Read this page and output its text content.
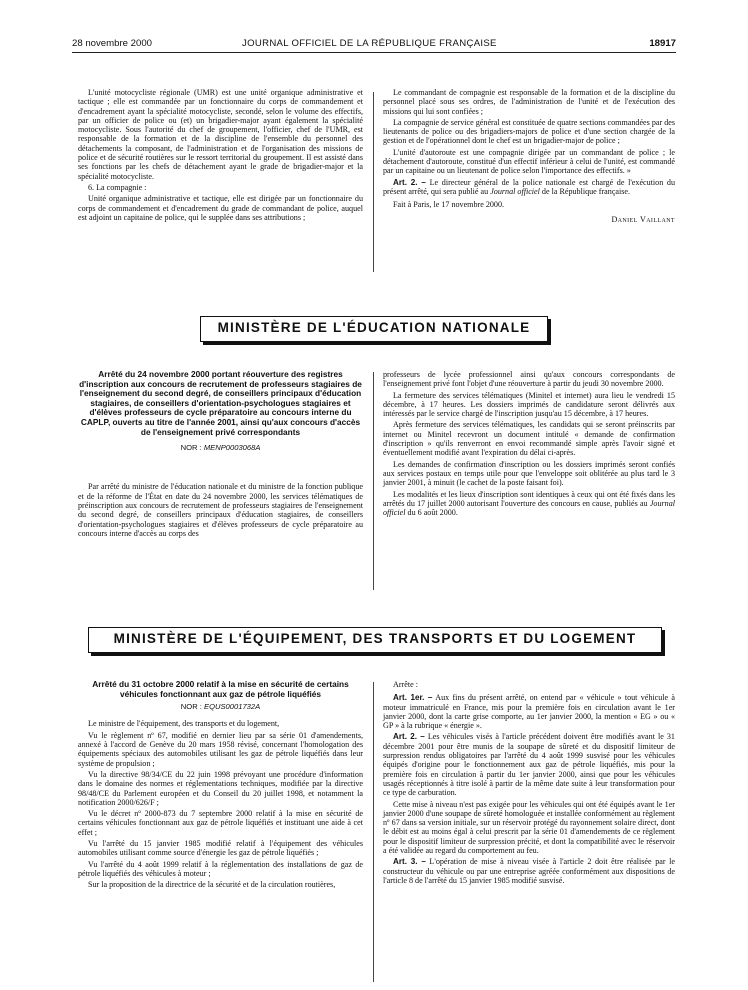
28 novembre 2000	JOURNAL OFFICIEL DE LA RÉPUBLIQUE FRANÇAISE	18917

L'unité motocycliste régionale (UMR) est une unité organique administrative et tactique ; elle est commandée par un fonctionnaire du corps de commandement et d'encadrement ayant la spécialité motocycliste, secondé, selon le volume des effectifs, par un officier de police ou (et) un brigadier-major ayant également la spécialité motocycliste. Sous l'autorité du chef de groupement, l'officier, chef de l'UMR, est responsable de la formation et de la discipline de l'ensemble du personnel des détachements la composant, de l'administration et de l'organisation des missions de police et de sécurité routières sur le ressort territorial du groupement. Il est assisté dans ses fonctions par les chefs de détachement ayant le grade de brigadier-major et la spécialité motocycliste.

6. La compagnie :

Unité organique administrative et tactique, elle est dirigée par un fonctionnaire du corps de commandement et d'encadrement du grade de commandant de police, auquel est adjoint un capitaine de police, qui le supplée dans ses attributions ;

Le commandant de compagnie est responsable de la formation et de la discipline du personnel placé sous ses ordres, de l'administration de l'unité et de l'exécution des missions qui lui sont confiées ;

La compagnie de service général est constituée de quatre sections commandées par des lieutenants de police ou des brigadiers-majors de police et d'une section chargée de la gestion et de l'opérationnel dont le chef est un brigadier-major de police ;

L'unité d'autoroute est une compagnie dirigée par un commandant de police ; le détachement d'autoroute, constitué d'un effectif inférieur à celui de l'unité, est commandé par un capitaine ou un lieutenant de police selon l'importance des effectifs. »

Art. 2. – Le directeur général de la police nationale est chargé de l'exécution du présent arrêté, qui sera publié au Journal officiel de la République française.

Fait à Paris, le 17 novembre 2000.

Daniel Vaillant

MINISTÈRE DE L'ÉDUCATION NATIONALE
Arrêté du 24 novembre 2000 portant réouverture des registres d'inscription aux concours de recrutement de professeurs stagiaires de l'enseignement du second degré, de conseillers principaux d'éducation stagiaires, de conseillers d'orientation-psychologues stagiaires et d'élèves professeurs de cycle préparatoire au concours interne du CAPLP, ouverts au titre de l'année 2001, ainsi qu'aux concours d'accès de l'enseignement privé correspondants
NOR : MENP0003068A

Par arrêté du ministre de l'éducation nationale et du ministre de la fonction publique et de la réforme de l'État en date du 24 novembre 2000, les services télématiques de préinscription aux concours de recrutement de professeurs stagiaires de l'enseignement du second degré, de conseillers principaux d'éducation stagiaires, de conseillers d'orientation-psychologues stagiaires et d'élèves professeurs de cycle préparatoire au concours interne d'accès au corps des

professeurs de lycée professionnel ainsi qu'aux concours correspondants de l'enseignement privé font l'objet d'une réouverture à partir du jeudi 30 novembre 2000.

La fermeture des services télématiques (Minitel et internet) aura lieu le vendredi 15 décembre, à 17 heures. Les dossiers imprimés de candidature seront délivrés aux intéressés par le service chargé de l'inscription jusqu'au 15 décembre, à 17 heures.

Après fermeture des services télématiques, les candidats qui se seront préinscrits par internet ou Minitel recevront un document intitulé « demande de confirmation d'inscription » qu'ils renverront en envoi recommandé simple après l'avoir signé et éventuellement modifié avant l'expiration du délai ci-après.

Les demandes de confirmation d'inscription ou les dossiers imprimés seront confiés aux services postaux en temps utile pour que l'enveloppe soit oblitérée au plus tard le 3 janvier 2001, à minuit (le cachet de la poste faisant foi).

Les modalités et les lieux d'inscription sont identiques à ceux qui ont été fixés dans les arrêtés du 17 juillet 2000 autorisant l'ouverture des concours en cause, publiés au Journal officiel du 6 août 2000.

MINISTÈRE DE L'ÉQUIPEMENT, DES TRANSPORTS ET DU LOGEMENT
Arrêté du 31 octobre 2000 relatif à la mise en sécurité de certains véhicules fonctionnant aux gaz de pétrole liquéfiés
NOR : EQUS0001732A

Le ministre de l'équipement, des transports et du logement,

Vu le règlement nº 67, modifié en dernier lieu par sa série 01 d'amendements, annexé à l'accord de Genève du 20 mars 1958 révisé, concernant l'homologation des équipements spéciaux des automobiles utilisant les gaz de pétrole liquéfiés dans leur système de propulsion ;

Vu la directive 98/34/CE du 22 juin 1998 prévoyant une procédure d'information dans le domaine des normes et réglementations techniques, modifiée par la directive 98/48/CE du Parlement européen et du Conseil du 20 juillet 1998, et notamment la notification 2000/626/F ;

Vu le décret nº 2000-873 du 7 septembre 2000 relatif à la mise en sécurité de certains véhicules fonctionnant aux gaz de pétrole liquéfiés et instituant une aide à cet effet ;

Vu l'arrêté du 15 janvier 1985 modifié relatif à l'équipement des véhicules automobiles utilisant comme source d'énergie les gaz de pétrole liquéfiés ;

Vu l'arrêté du 4 août 1999 relatif à la réglementation des installations de gaz de pétrole liquéfiés des véhicules à moteur ;

Sur la proposition de la directrice de la sécurité et de la circulation routières,

Arrête :

Art. 1er. – Aux fins du présent arrêté, on entend par « véhicule » tout véhicule à moteur immatriculé en France, mis pour la première fois en circulation avant le 1er janvier 2000, dont la carte grise comporte, au 1er janvier 2000, la mention « EG » ou « GP » à la rubrique « énergie ».

Art. 2. – Les véhicules visés à l'article précédent doivent être modifiés avant le 31 décembre 2001 pour être munis de la soupape de sûreté et du dispositif limiteur de surpression rendus obligatoires par l'arrêté du 4 août 1999 susvisé pour les véhicules équipés d'origine pour le fonctionnement aux gaz de pétrole liquéfiés, mis pour la première fois en circulation à partir du 1er janvier 2000, ainsi que pour les véhicules usagés réceptionnés à titre isolé à partir de la même date suite à leur transformation pour ce type de carburation.

Cette mise à niveau n'est pas exigée pour les véhicules qui ont été équipés avant le 1er janvier 2000 d'une soupape de sûreté homologuée et installée conformément au règlement nº 67 dans sa version initiale, sur un réservoir protégé du rayonnement solaire direct, dont le débit est au moins égal à celui prescrit par la série 01 d'amendements de ce règlement pour le dispositif limiteur de surpression précité, et dont la compatibilité avec le réservoir a été validée au regard du comportement au feu.

Art. 3. – L'opération de mise à niveau visée à l'article 2 doit être réalisée par le constructeur du véhicule ou par une entreprise agréée conformément aux dispositions de l'article 8 de l'arrêté du 15 janvier 1985 modifié susvisé.
